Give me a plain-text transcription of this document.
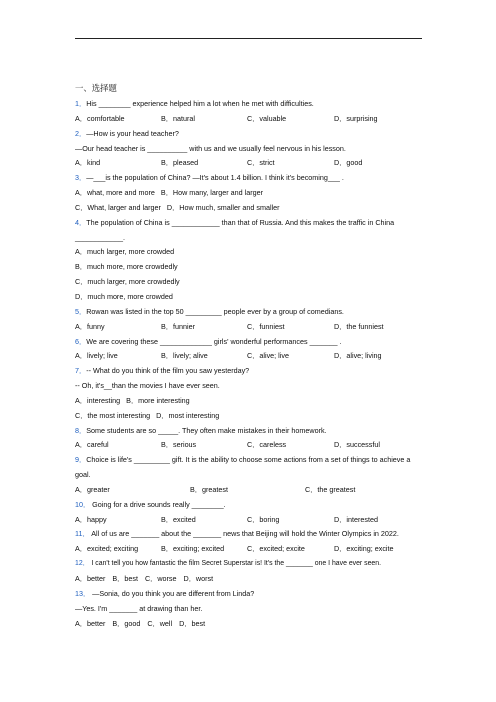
一、选择题
1．His ________ experience helped him a lot when he met with difficulties.
A．comfortable	B．natural	C．valuable	D．surprising
2．—How is your head teacher?
—Our head teacher is __________ with us and we usually feel nervous in his lesson.
A．kind	B．pleased	C．strict	D．good
3．—___is the population of China? —It's about 1.4 billion. I think it's becoming___ .
A．what, more and more B．How many, larger and larger
C．What, larger and larger D．How much, smaller and smaller
4．The population of China is ____________ than that of Russia. And this makes the traffic in China ____________.
A．much larger, more crowded
B．much more, more crowdedly
C．much larger, more crowdedly
D．much more, more crowded
5．Rowan was listed in the top 50 _________ people ever by a group of comedians.
A．funny	B．funnier	C．funniest	D．the funniest
6．We are covering these _____________ girls' wonderful performances _______ .
A．lively; live	B．lively; alive	C．alive; live	D．alive; living
7．-- What do you think of the film you saw yesterday?
-- Oh, it's__than the movies I have ever seen.
A．interesting B．more interesting
C．the most interesting D．most interesting
8．Some students are so _____. They often make mistakes in their homework.
A．careful	B．serious	C．careless	D．successful
9．Choice is life's _________ gift. It is the ability to choose some actions from a set of things to achieve a goal.
A．greater	B．greatest	C．the greatest
10． Going for a drive sounds really ________.
A．happy	B．excited	C．boring	D．interested
11． All of us are _______ about the _______ news that Beijing will hold the Winter Olympics in 2022.
A．excited; exciting	B．exciting; excited	C．excited; excite	D．exciting; excite
12． I can't tell you how fantastic the film Secret Superstar is! It's the _______ one I have ever seen.
A．better B．best C．worse D．worst
13． —Sonia, do you think you are different from Linda?
—Yes. I'm _______ at drawing than her.
A．better B．good C．well D．best
